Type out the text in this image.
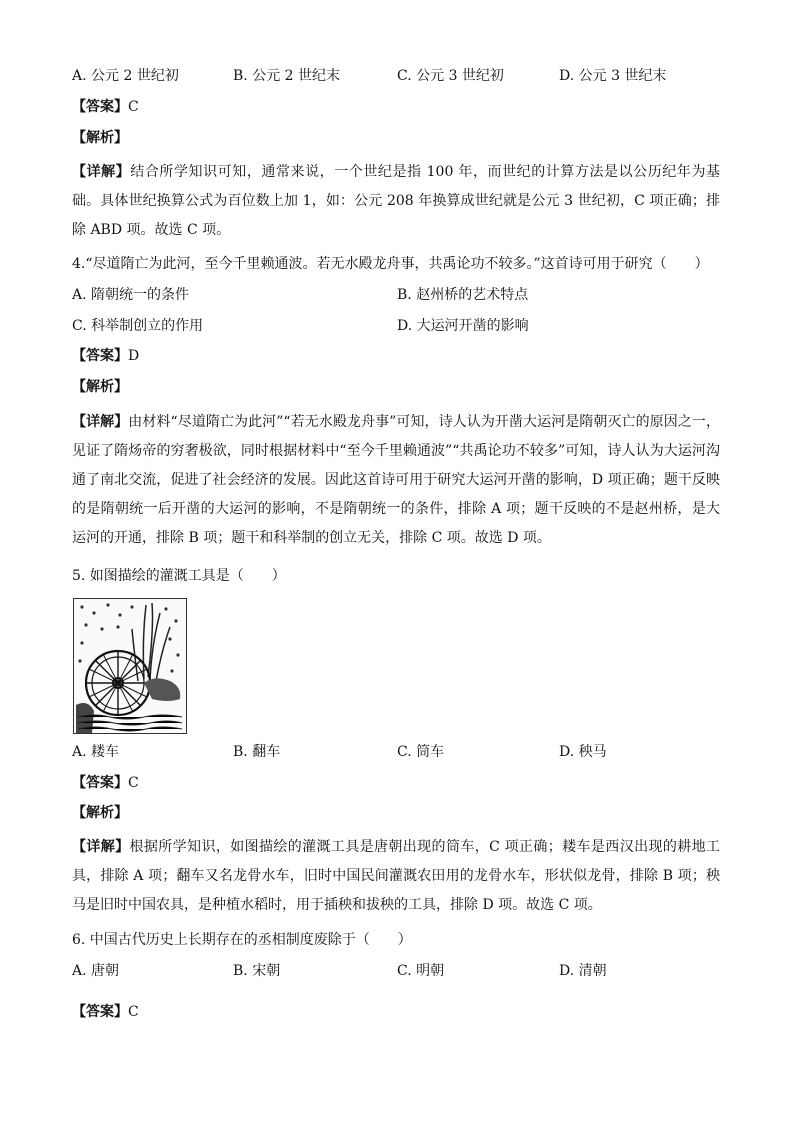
A. 公元 2 世纪初	B. 公元 2 世纪末	C. 公元 3 世纪初	D. 公元 3 世纪末
【答案】C
【解析】
【详解】结合所学知识可知，通常来说，一个世纪是指 100 年，而世纪的计算方法是以公历纪年为基础。具体世纪换算公式为百位数上加 1，如：公元 208 年换算成世纪就是公元 3 世纪初，C 项正确；排除 ABD 项。故选 C 项。
4.“尽道隋亡为此河，至今千里赖通波。若无水殿龙舟事，共禹论功不较多。”这首诗可用于研究（　　）
A. 隋朝统一的条件	B. 赵州桥的艺术特点
C. 科举制创立的作用	D. 大运河开凿的影响
【答案】D
【解析】
【详解】由材料“尽道隋亡为此河”“若无水殿龙舟事”可知，诗人认为开凿大运河是隋朝灭亡的原因之一，见证了隋炀帝的穷奢极欲，同时根据材料中“至今千里赖通波”“共禹论功不较多”可知，诗人认为大运河沟通了南北交流，促进了社会经济的发展。因此这首诗可用于研究大运河开凿的影响，D 项正确；题干反映的是隋朝统一后开凿的大运河的影响，不是隋朝统一的条件，排除 A 项；题干反映的不是赵州桥，是大运河的开通，排除 B 项；题干和科举制的创立无关，排除 C 项。故选 D 项。
5. 如图描绘的灌溉工具是（　　）
A. 耧车	B. 翻车	C. 筒车	D. 秧马
【答案】C
【解析】
【详解】根据所学知识，如图描绘的灌溉工具是唐朝出现的筒车，C 项正确；耧车是西汉出现的耕地工具，排除 A 项；翻车又名龙骨水车，旧时中国民间灌溉农田用的龙骨水车，形状似龙骨，排除 B 项；秧马是旧时中国农具，是种植水稻时，用于插秧和拔秧的工具，排除 D 项。故选 C 项。
6. 中国古代历史上长期存在的丞相制度废除于（　　）
A. 唐朝	B. 宋朝	C. 明朝	D. 清朝
【答案】C
